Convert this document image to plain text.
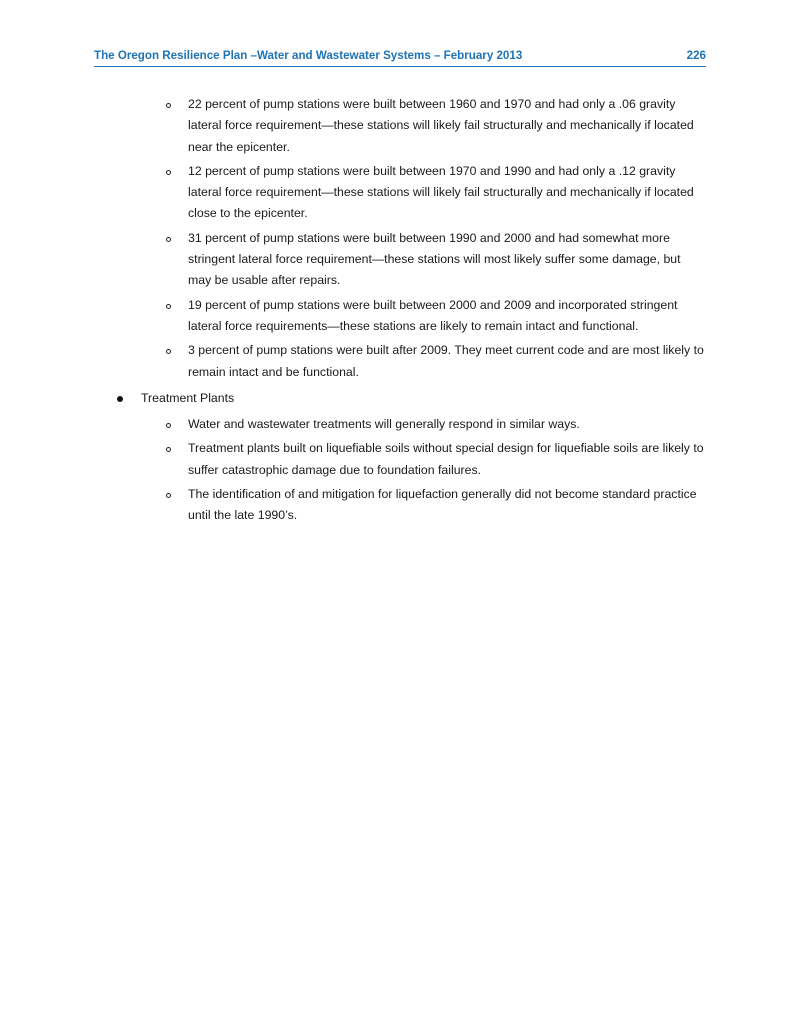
The Oregon Resilience Plan –Water and Wastewater Systems – February 2013	226
22 percent of pump stations were built between 1960 and 1970 and had only a .06 gravity lateral force requirement—these stations will likely fail structurally and mechanically if located near the epicenter.
12 percent of pump stations were built between 1970 and 1990 and had only a .12 gravity lateral force requirement—these stations will likely fail structurally and mechanically if located close to the epicenter.
31 percent of pump stations were built between 1990 and 2000 and had somewhat more stringent lateral force requirement—these stations will most likely suffer some damage, but may be usable after repairs.
19 percent of pump stations were built between 2000 and 2009 and incorporated stringent lateral force requirements—these stations are likely to remain intact and functional.
3 percent of pump stations were built after 2009. They meet current code and are most likely to remain intact and be functional.
Treatment Plants
Water and wastewater treatments will generally respond in similar ways.
Treatment plants built on liquefiable soils without special design for liquefiable soils are likely to suffer catastrophic damage due to foundation failures.
The identification of and mitigation for liquefaction generally did not become standard practice until the late 1990’s.
